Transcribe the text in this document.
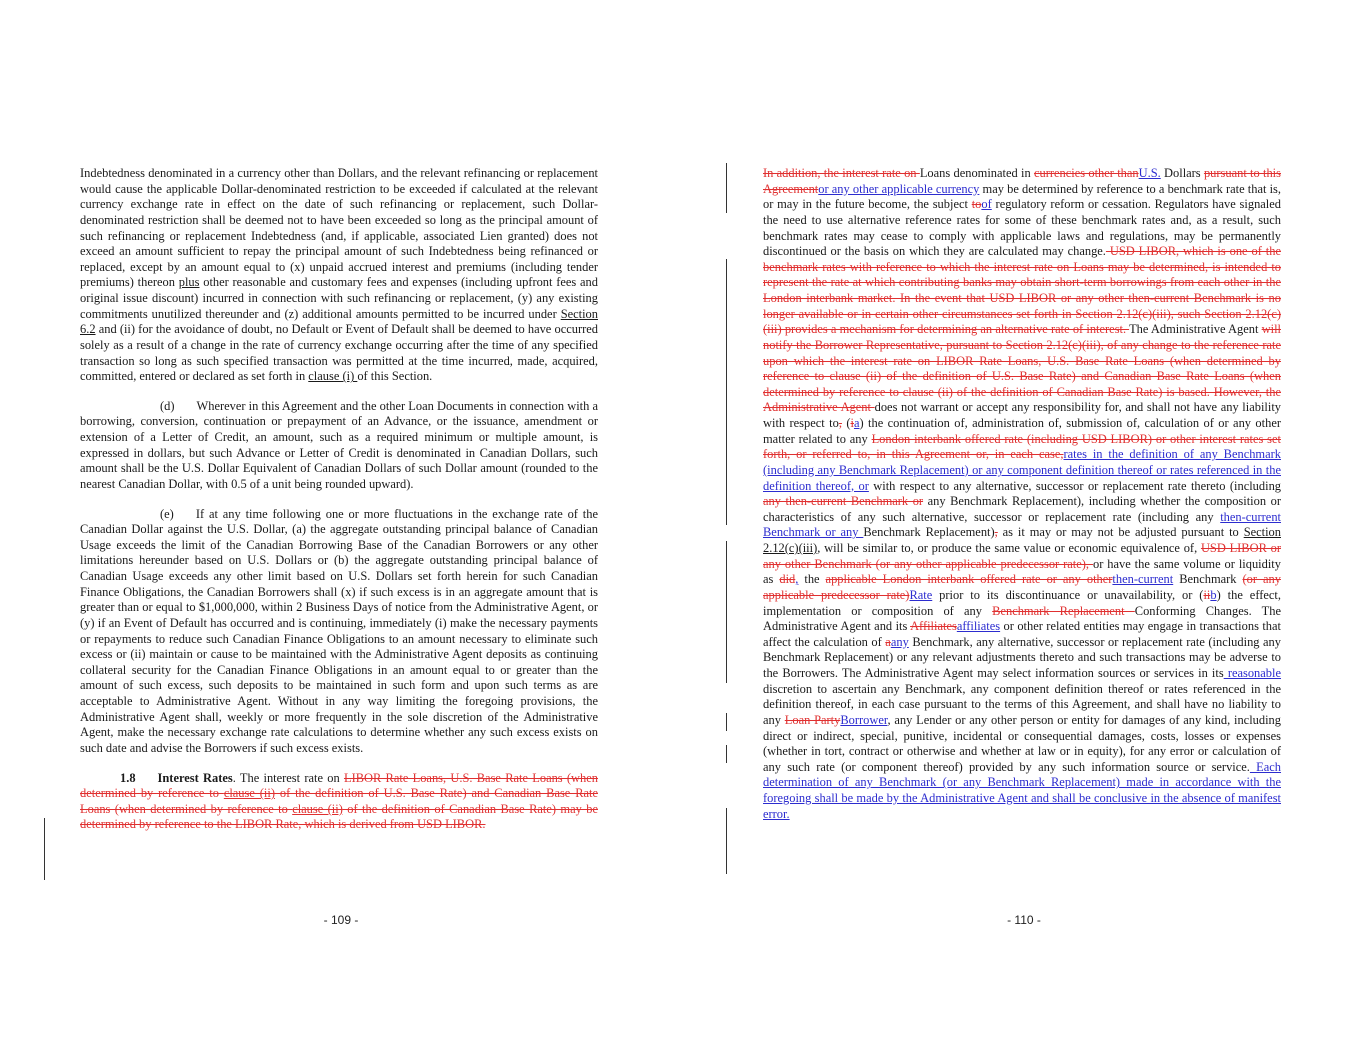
Indebtedness denominated in a currency other than Dollars, and the relevant refinancing or replacement would cause the applicable Dollar-denominated restriction to be exceeded if calculated at the relevant currency exchange rate in effect on the date of such refinancing or replacement, such Dollar-denominated restriction shall be deemed not to have been exceeded so long as the principal amount of such refinancing or replacement Indebtedness (and, if applicable, associated Lien granted) does not exceed an amount sufficient to repay the principal amount of such Indebtedness being refinanced or replaced, except by an amount equal to (x) unpaid accrued interest and premiums (including tender premiums) thereon plus other reasonable and customary fees and expenses (including upfront fees and original issue discount) incurred in connection with such refinancing or replacement, (y) any existing commitments unutilized thereunder and (z) additional amounts permitted to be incurred under Section 6.2 and (ii) for the avoidance of doubt, no Default or Event of Default shall be deemed to have occurred solely as a result of a change in the rate of currency exchange occurring after the time of any specified transaction so long as such specified transaction was permitted at the time incurred, made, acquired, committed, entered or declared as set forth in clause (i) of this Section.

(d) Wherever in this Agreement and the other Loan Documents in connection with a borrowing, conversion, continuation or prepayment of an Advance, or the issuance, amendment or extension of a Letter of Credit, an amount, such as a required minimum or multiple amount, is expressed in dollars, but such Advance or Letter of Credit is denominated in Canadian Dollars, such amount shall be the U.S. Dollar Equivalent of Canadian Dollars of such Dollar amount (rounded to the nearest Canadian Dollar, with 0.5 of a unit being rounded upward).

(e) If at any time following one or more fluctuations in the exchange rate of the Canadian Dollar against the U.S. Dollar, (a) the aggregate outstanding principal balance of Canadian Usage exceeds the limit of the Canadian Borrowing Base of the Canadian Borrowers or any other limitations hereunder based on U.S. Dollars or (b) the aggregate outstanding principal balance of Canadian Usage exceeds any other limit based on U.S. Dollars set forth herein for such Canadian Finance Obligations, the Canadian Borrowers shall (x) if such excess is in an aggregate amount that is greater than or equal to $1,000,000, within 2 Business Days of notice from the Administrative Agent, or (y) if an Event of Default has occurred and is continuing, immediately (i) make the necessary payments or repayments to reduce such Canadian Finance Obligations to an amount necessary to eliminate such excess or (ii) maintain or cause to be maintained with the Administrative Agent deposits as continuing collateral security for the Canadian Finance Obligations in an amount equal to or greater than the amount of such excess, such deposits to be maintained in such form and upon such terms as are acceptable to Administrative Agent. Without in any way limiting the foregoing provisions, the Administrative Agent shall, weekly or more frequently in the sole discretion of the Administrative Agent, make the necessary exchange rate calculations to determine whether any such excess exists on such date and advise the Borrowers if such excess exists.

1.8 Interest Rates. The interest rate on LIBOR Rate Loans, U.S. Base Rate Loans (when determined by reference to clause (ii) of the definition of U.S. Base Rate) and Canadian Base Rate Loans (when determined by reference to clause (ii) of the definition of Canadian Base Rate) may be determined by reference to the LIBOR Rate, which is derived from USD LIBOR.

- 109 -

In addition, the interest rate on Loans denominated in currencies other thanU.S. Dollars pursuant to this Agreementor any other applicable currency may be determined by reference to a benchmark rate that is, or may in the future become, the subject toof regulatory reform or cessation. Regulators have signaled the need to use alternative reference rates for some of these benchmark rates and, as a result, such benchmark rates may cease to comply with applicable laws and regulations, may be permanently discontinued or the basis on which they are calculated may change. USD LIBOR, which is one of the benchmark rates with reference to which the interest rate on Loans may be determined, is intended to represent the rate at which contributing banks may obtain short-term borrowings from each other in the London interbank market. In the event that USD LIBOR or any other then-current Benchmark is no longer available or in certain other circumstances set forth in Section 2.12(c)(iii), such Section 2.12(c)(iii) provides a mechanism for determining an alternative rate of interest. The Administrative Agent will notify the Borrower Representative, pursuant to Section 2.12(c)(iii), of any change to the reference rate upon which the interest rate on LIBOR Rate Loans, U.S. Base Rate Loans (when determined by reference to clause (ii) of the definition of U.S. Base Rate) and Canadian Base Rate Loans (when determined by reference to clause (ii) of the definition of Canadian Base Rate) is based. However, the Administrative Agent does not warrant or accept any responsibility for, and shall not have any liability with respect to, (ia) the continuation of, administration of, submission of, calculation of or any other matter related to any London interbank offered rate (including USD LIBOR) or other interest rates set forth, or referred to, in this Agreement or, in each case,rates in the definition of any Benchmark (including any Benchmark Replacement) or any component definition thereof or rates referenced in the definition thereof, or with respect to any alternative, successor or replacement rate thereto (including any then-current Benchmark or any Benchmark Replacement), including whether the composition or characteristics of any such alternative, successor or replacement rate (including any then-current Benchmark or any Benchmark Replacement), as it may or may not be adjusted pursuant to Section 2.12(c)(iii), will be similar to, or produce the same value or economic equivalence of, USD LIBOR or any other Benchmark (or any other applicable predecessor rate), or have the same volume or liquidity as did, the applicable London interbank offered rate or any otherthen-current Benchmark (or any applicable predecessor rate)Rate prior to its discontinuance or unavailability, or (iib) the effect, implementation or composition of any Benchmark Replacement Conforming Changes. The Administrative Agent and its Affiliatesaffiliates or other related entities may engage in transactions that affect the calculation of aany Benchmark, any alternative, successor or replacement rate (including any Benchmark Replacement) or any relevant adjustments thereto and such transactions may be adverse to the Borrowers. The Administrative Agent may select information sources or services in its reasonable discretion to ascertain any Benchmark, any component definition thereof or rates referenced in the definition thereof, in each case pursuant to the terms of this Agreement, and shall have no liability to any Loan PartyBorrower, any Lender or any other person or entity for damages of any kind, including direct or indirect, special, punitive, incidental or consequential damages, costs, losses or expenses (whether in tort, contract or otherwise and whether at law or in equity), for any error or calculation of any such rate (or component thereof) provided by any such information source or service. Each determination of any Benchmark (or any Benchmark Replacement) made in accordance with the foregoing shall be made by the Administrative Agent and shall be conclusive in the absence of manifest error.

- 110 -
